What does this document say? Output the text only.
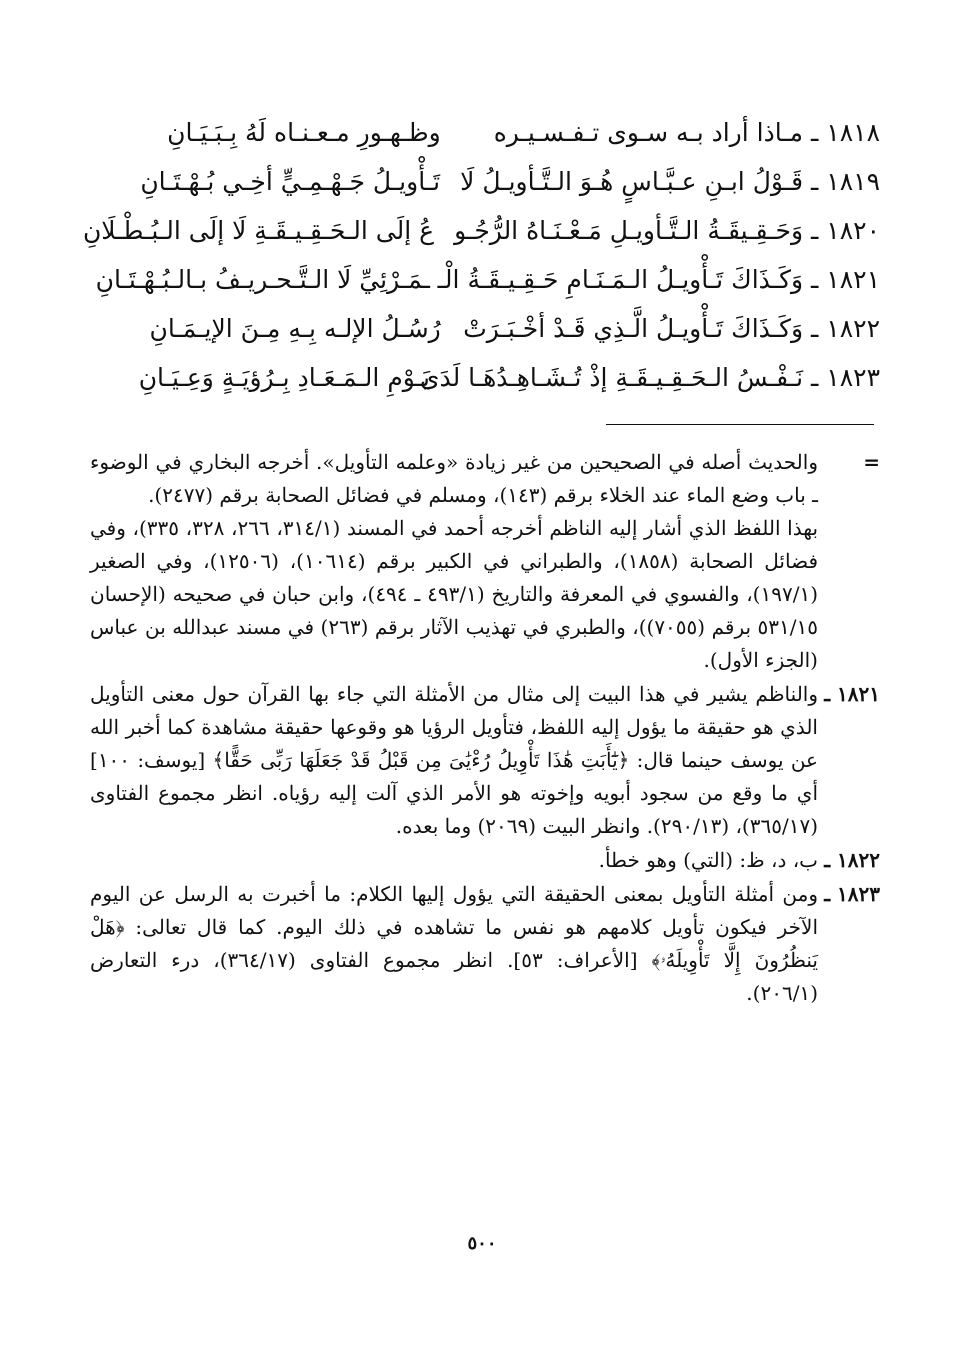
١٨١٨ ـ مـاذا أراد بـه سـوى تـفـسـيـره
وظـهـورِ مـعـنـاه لَهُ بِـبَـيَـانِ
١٨١٩ ـ قَـوْلُ ابـنِ عـبَّـاسٍ هُـوَ الـتَّـأويـلُ لَا
تَـأْويـلُ جَـهْـمِـيٍّ أخِـي بُـهْـتَـانِ
١٨٢٠ ـ وَحَـقِـيقَـةُ الـتَّـأويـلِ مَـعْـنَـاهُ الرُّجُـو
عُ إلَى الـحَـقِـيـقَـةِ لَا إلَى الـبُـطْـلَانِ
١٨٢١ ـ وَكَـذَاكَ تَـأْويـلُ الـمَـنَـامِ حَـقِـيـقَـةُ الْـ
ـمَـرْئِيِّ لَا الـتَّـحـريـفُ بـالـبُـهْـتَـانِ
١٨٢٢ ـ وَكَـذَاكَ تَـأْويـلُ الَّـذِي قَـدْ أخْـبَـرَتْ
رُسُـلُ الإلـه بِـهِ مِـنَ الإيـمَـانِ
١٨٢٣ ـ نَـفْـسُ الـحَـقِـيـقَـةِ إذْ تُـشَـاهِـدُهَـا لَدَى
يَـوْمِ الـمَـعَـادِ بِـرُؤيَـةٍ وَعِـيَـانِ
=

والحديث أصله في الصحيحين من غير زيادة «وعلمه التأويل». أخرجه البخاري في الوضوء ـ باب وضع الماء عند الخلاء برقم (١٤٣)، ومسلم في فضائل الصحابة برقم (٢٤٧٧).

بهذا اللفظ الذي أشار إليه الناظم أخرجه أحمد في المسند (٣١٤/١، ٢٦٦، ٣٢٨، ٣٣٥)، وفي فضائل الصحابة (١٨٥٨)، والطبراني في الكبير برقم (١٠٦١٤)، (١٢٥٠٦)، وفي الصغير (١٩٧/١)، والفسوي في المعرفة والتاريخ (٤٩٣/١ ـ ٤٩٤)، وابن حبان في صحيحه (الإحسان ٥٣١/١٥ برقم (٧٠٥٥))، والطبري في تهذيب الآثار برقم (٢٦٣) في مسند عبدالله بن عباس (الجزء الأول).

١٨٢١ ـ

والناظم يشير في هذا البيت إلى مثال من الأمثلة التي جاء بها القرآن حول معنى التأويل الذي هو حقيقة ما يؤول إليه اللفظ، فتأويل الرؤيا هو وقوعها حقيقة مشاهدة كما أخبر الله عن يوسف حينما قال: ﴿يَٰٓأَبَتِ هَٰذَا تَأْوِيلُ رُءْيَٰىَ مِن قَبْلُ قَدْ جَعَلَهَا رَبِّى حَقًّا﴾ [يوسف: ١٠٠] أي ما وقع من سجود أبويه وإخوته هو الأمر الذي آلت إليه رؤياه. انظر مجموع الفتاوى (٣٦٥/١٧)، (٢٩٠/١٣). وانظر البيت (٢٠٦٩) وما بعده.

١٨٢٢ ـ

ب، د، ظ: (التي) وهو خطأ.

١٨٢٣ ـ

ومن أمثلة التأويل بمعنى الحقيقة التي يؤول إليها الكلام: ما أخبرت به الرسل عن اليوم الآخر فيكون تأويل كلامهم هو نفس ما تشاهده في ذلك اليوم. كما قال تعالى: ﴿هَلْ يَنظُرُونَ إِلَّا تَأْوِيلَهُۥ﴾ [الأعراف: ٥٣]. انظر مجموع الفتاوى (٣٦٤/١٧)، درء التعارض (٢٠٦/١).

٥٠٠
